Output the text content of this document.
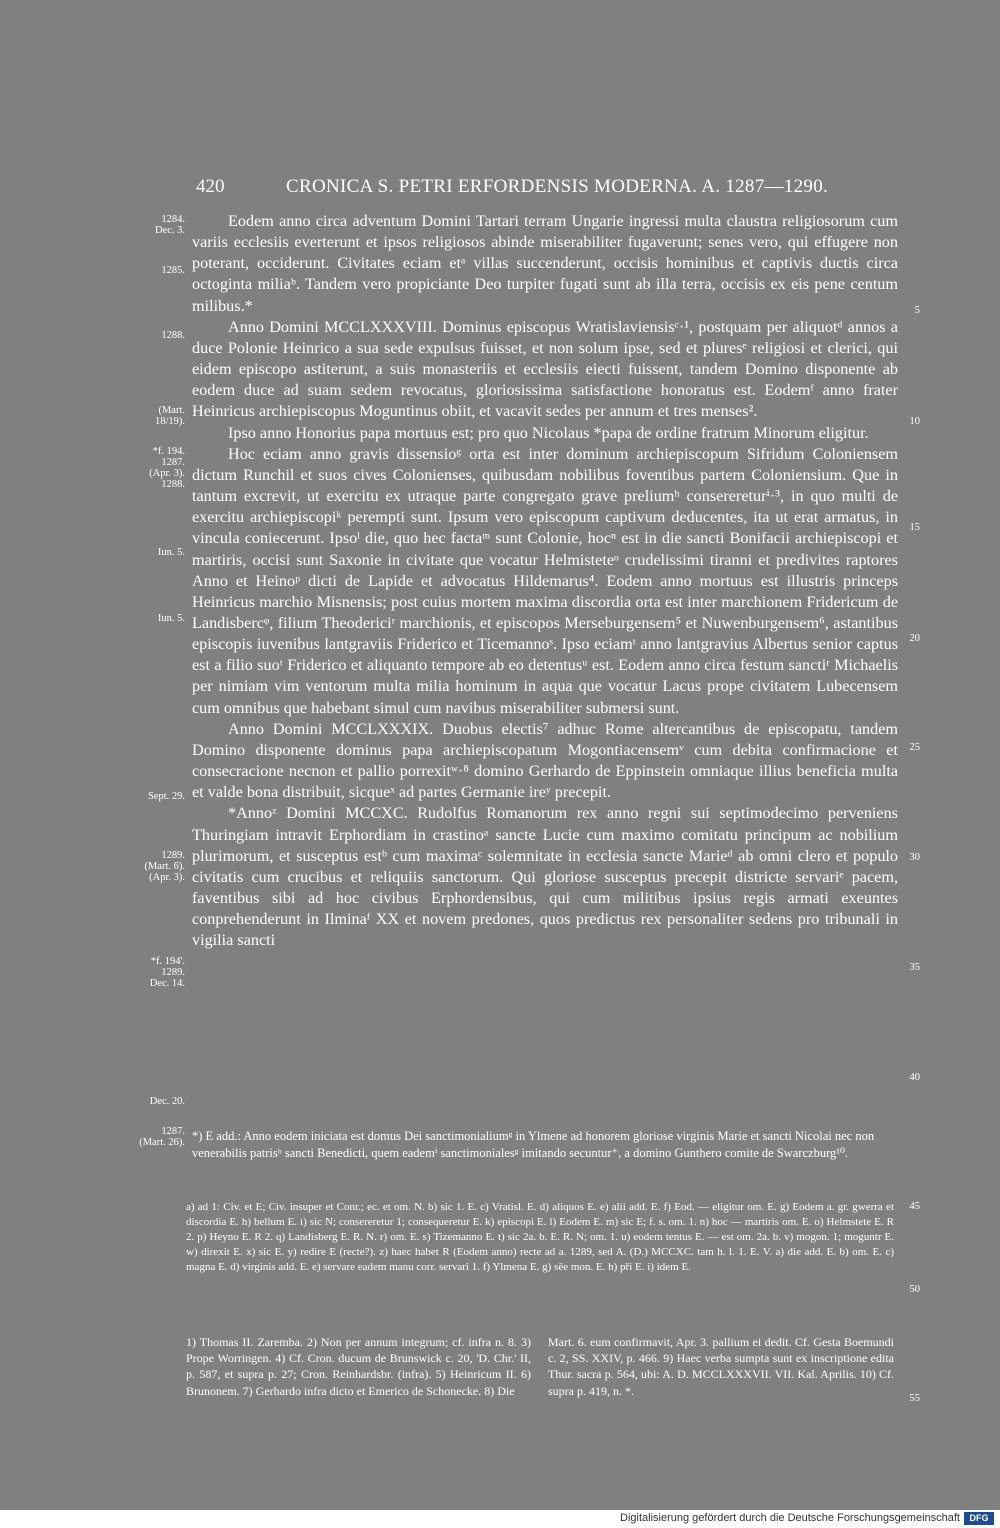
420	CRONICA S. PETRI ERFORDENSIS MODERNA. A. 1287—1290.

Eodem anno circa adventum Domini Tartari terram Ungarie ingressi multa claustra religiosorum cum variis ecclesiis everterunt et ipsos religiosos abinde miserabiliter fugaverunt; senes vero, qui effugere non poterant, occiderunt. Civitates eciam etᵃ villas succenderunt, occisis hominibus et captivis ductis circa octoginta miliaᵇ. Tandem vero propiciante Deo turpiter fugati sunt ab illa terra, occisis ex eis pene centum milibus.*

Anno Domini MCCLXXXVIII. Dominus episcopus Wratislaviensisᶜ·¹, postquam per aliquotᵈ annos a duce Polonie Heinrico a sua sede expulsus fuisset, et non solum ipse, sed et pluresᵉ religiosi et clerici, qui eidem episcopo astiterunt, a suis monasteriis et ecclesiis eiecti fuissent, tandem Domino disponente ab eodem duce ad suam sedem revocatus, gloriosissima satisfactione honoratus est. Eodemᶠ anno frater Heinricus archiepiscopus Moguntinus obiit, et vacavit sedes per annum et tres menses².

Ipso anno Honorius papa mortuus est; pro quo Nicolaus *papa de ordine fratrum Minorum eligitur.

Hoc eciam anno gravis dissensioᵍ orta est inter dominum archiepiscopum Sifridum Coloniensem dictum Runchil et suos cives Colonienses, quibusdam nobilibus foventibus partem Coloniensium. Que in tantum excrevit, ut exercitu ex utraque parte congregato grave preliumʰ conserereturⁱ·³, in quo multi de exercitu archiepiscopiᵏ perempti sunt. Ipsum vero episcopum captivum deducentes, ita ut erat armatus, in vincula coniecerunt. Ipsoˡ die, quo hec factaᵐ sunt Colonie, hocⁿ est in die sancti Bonifacii archiepiscopi et martiris, occisi sunt Saxonie in civitate que vocatur Helmisteteᵒ crudelissimi tiranni et predivites raptores Anno et Heinoᵖ dicti de Lapide et advocatus Hildemarus⁴. Eodem anno mortuus est illustris princeps Heinricus marchio Misnensis; post cuius mortem maxima discordia orta est inter marchionem Fridericum de Landisbercᵠ, filium Theodericiʳ marchionis, et episcopos Merseburgensem⁵ et Nuwenburgensem⁶, astantibus episcopis iuvenibus lantgraviis Friderico et Ticemannoˢ. Ipso eciamᵗ anno lantgravius Albertus senior captus est a filio suoᵗ Friderico et aliquanto tempore ab eo detentusᵘ est. Eodem anno circa festum sanctiʳ Michaelis per nimiam vim ventorum multa milia hominum in aqua que vocatur Lacus prope civitatem Lubecensem cum omnibus que habebant simul cum navibus miserabiliter submersi sunt.

Anno Domini MCCLXXXIX. Duobus electis⁷ adhuc Rome altercantibus de episcopatu, tandem Domino disponente dominus papa archiepiscopatum Mogontiacensemᵛ cum debita confirmacione et consecracione necnon et pallio porrexitʷ·⁸ domino Gerhardo de Eppinstein omniaque illius beneficia multa et valde bona distribuit, sicqueˣ ad partes Germanie ireʸ precepit.

*Annoᶻ Domini MCCXC. Rudolfus Romanorum rex anno regni sui septimodecimo perveniens Thuringiam intravit Erphordiam in crastinoᵃ sancte Lucie cum maximo comitatu principum ac nobilium plurimorum, et susceptus estᵇ cum maximaᶜ solemnitate in ecclesia sancte Marieᵈ ab omni clero et populo civitatis cum crucibus et reliquiis sanctorum. Qui gloriose susceptus precepit districte servariᵉ pacem, faventibus sibi ad hoc civibus Erphordensibus, qui cum militibus ipsius regis armati exeuntes conprehenderunt in Ilminaᶠ XX et novem predones, quos predictus rex personaliter sedens pro tribunali in vigilia sancti

1284.
Dec. 3.
1285.
1288.
(Mart.
18/19).
*f. 194.
1287.
(Apr. 3).
1288.
Iun. 5.
Iun. 5.
Sept. 29.
1289.
(Mart. 6).
(Apr. 3).
*f. 194'.
1289.
Dec. 14.
Dec. 20.
1287.
(Mart. 26).
5
10
15
20
25
30
35
40
45
50
55
*) E add.: Anno eodem iniciata est domus Dei sanctimonialiumᵍ in Ylmene ad honorem gloriose virginis Marie et sancti Nicolai nec non venerabilis patrisʰ sancti Benedicti, quem eademⁱ sanctimonialesᵍ imitando secuntur⁺, a domino Gunthero comite de Swarczburg¹⁰.

a) ad 1: Civ. et E; Civ. insuper et Conr.; ec. et om. N. b) sic 1. E. c) Vratisl. E. d) aliquos E. e) alii add. E. f) Eod. — eligitur om. E. g) Eodem a. gr. gwerra et discordia E. h) bellum E. i) sic N; consereretur 1; consequeretur E. k) episcopi E. l) Eodem E. m) sic E; f. s. om. 1. n) hoc — martiris om. E. o) Helmstete E. R 2. p) Heyno E. R 2. q) Landisberg E. R. N. r) om. E. s) Tizemanno E. t) sic 2a. b. E. R. N; om. 1. u) eodem tentus E. — est om. 2a. b. v) mogon. 1; moguntr E. w) direxit E. x) sic E. y) redire E (recte?). z) haec habet R (Eodem anno) recte ad a. 1289, sed A. (D.) MCCXC. tam h. l. 1. E. V. a) die add. E. b) om. E. c) magna E. d) virginis add. E. e) servare eadem manu corr. servari 1. f) Ylmena E. g) sēe mon. E. h) při E. i) idem E.

1) Thomas II. Zaremba. 2) Non per annum integrum; cf. infra n. 8. 3) Prope Worringen. 4) Cf. Cron. ducum de Brunswick c. 20, 'D. Chr.' II, p. 587, et supra p. 27; Cron. Reinhardsbr. (infra). 5) Heinricum II. 6) Brunonem. 7) Gerhardo infra dicto et Emerico de Schonecke. 8) Die

Mart. 6. eum confirmavit, Apr. 3. pallium ei dedit. Cf. Gesta Boemundi c. 2, SS. XXIV, p. 466. 9) Haec verba sumpta sunt ex inscriptione edita Thur. sacra p. 564, ubi: A. D. MCCLXXXVII. VII. Kal. Aprilis. 10) Cf. supra p. 419, n. *.

Digitalisierung gefördert durch die Deutsche Forschungsgemeinschaft	DFG
